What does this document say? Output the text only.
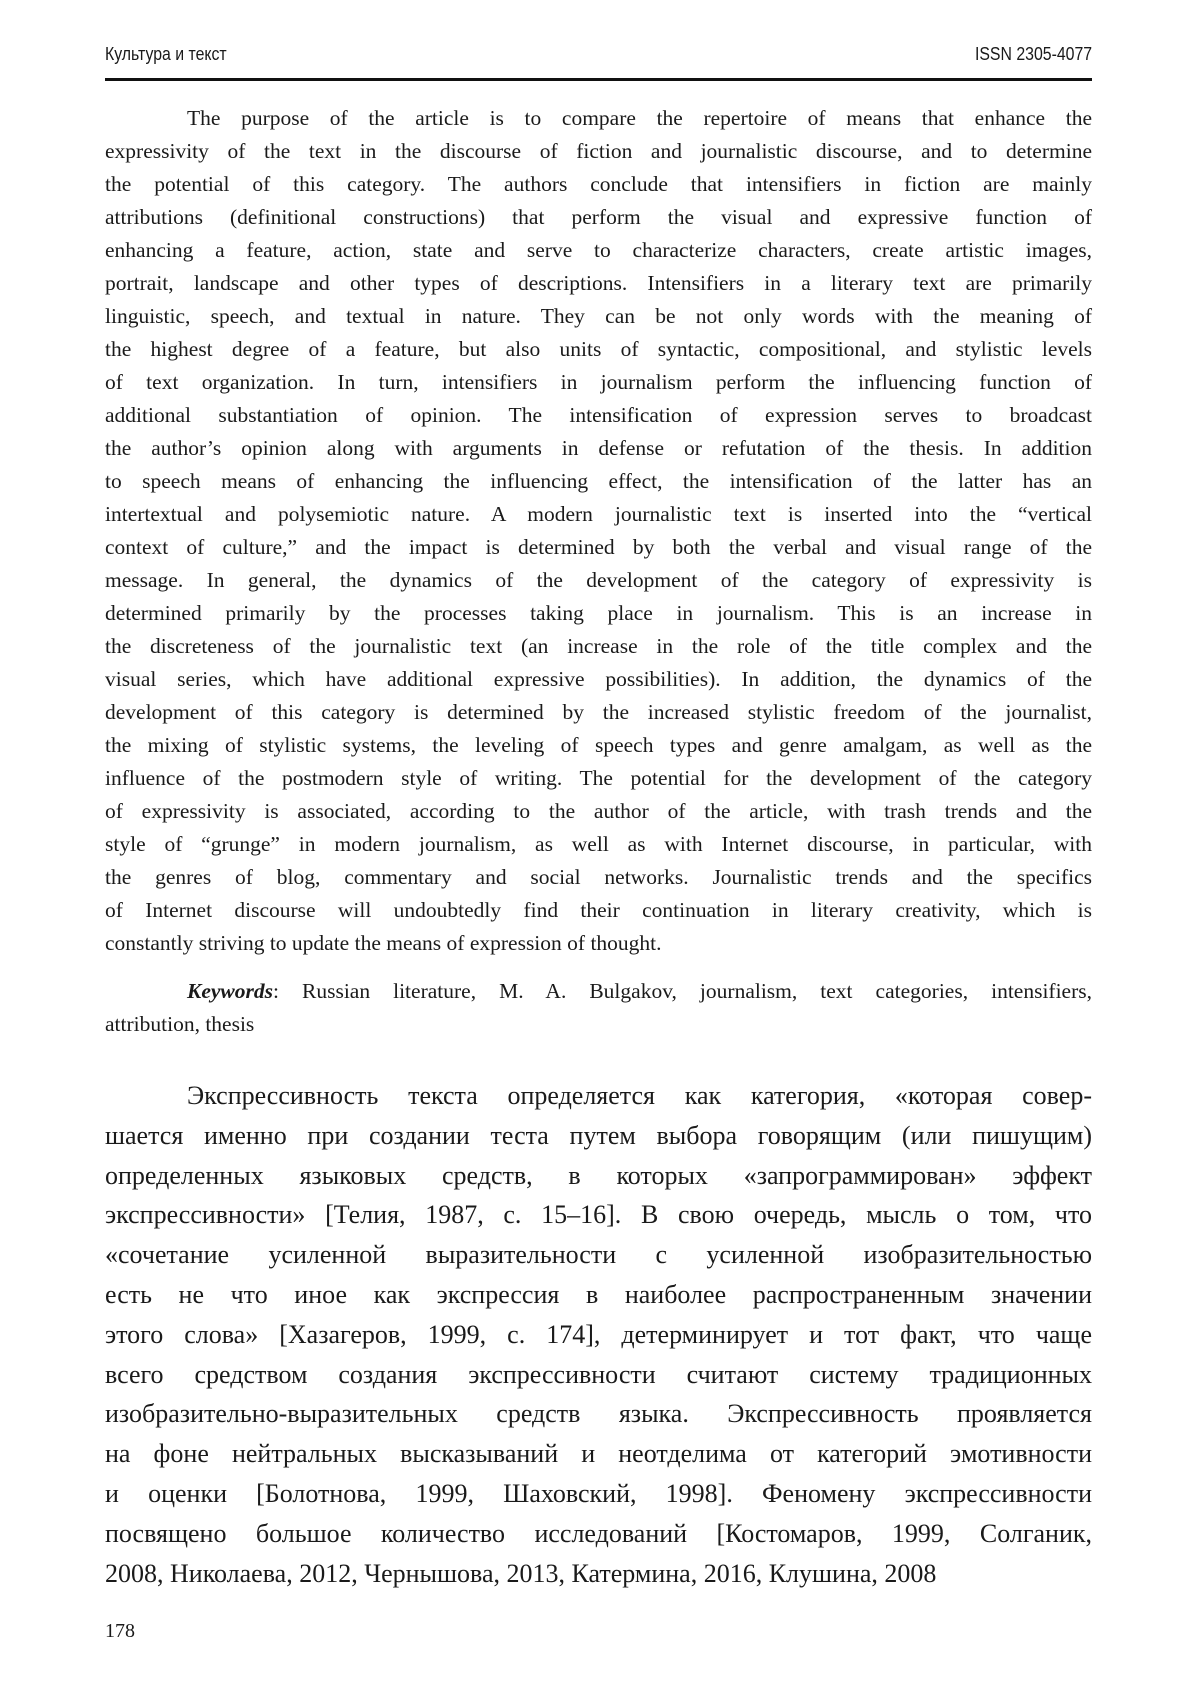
Культура и текст	ISSN 2305-4077
The purpose of the article is to compare the repertoire of means that enhance the
expressivity of the text in the discourse of fiction and journalistic discourse, and to determine
the potential of this category. The authors conclude that intensifiers in fiction are mainly
attributions (definitional constructions) that perform the visual and expressive function of
enhancing a feature, action, state and serve to characterize characters, create artistic images,
portrait, landscape and other types of descriptions. Intensifiers in a literary text are primarily
linguistic, speech, and textual in nature. They can be not only words with the meaning of
the highest degree of a feature, but also units of syntactic, compositional, and stylistic levels
of text organization. In turn, intensifiers in journalism perform the influencing function of
additional substantiation of opinion. The intensification of expression serves to broadcast
the author’s opinion along with arguments in defense or refutation of the thesis. In addition
to speech means of enhancing the influencing effect, the intensification of the latter has an
intertextual and polysemiotic nature. A modern journalistic text is inserted into the “vertical
context of culture,” and the impact is determined by both the verbal and visual range of the
message. In general, the dynamics of the development of the category of expressivity is
determined primarily by the processes taking place in journalism. This is an increase in
the discreteness of the journalistic text (an increase in the role of the title complex and the
visual series, which have additional expressive possibilities). In addition, the dynamics of the
development of this category is determined by the increased stylistic freedom of the journalist,
the mixing of stylistic systems, the leveling of speech types and genre amalgam, as well as the
influence of the postmodern style of writing. The potential for the development of the category
of expressivity is associated, according to the author of the article, with trash trends and the
style of “grunge” in modern journalism, as well as with Internet discourse, in particular, with
the genres of blog, commentary and social networks. Journalistic trends and the specifics
of Internet discourse will undoubtedly find their continuation in literary creativity, which is
constantly striving to update the means of expression of thought.
Keywords: Russian literature, M. A. Bulgakov, journalism, text categories, intensifiers,
attribution, thesis
Экспрессивность текста определяется как категория, «которая совер-
шается именно при создании теста путем выбора говорящим (или пишущим)
определенных языковых средств, в которых «запрограммирован» эффект
экспрессивности» [Телия, 1987, с. 15–16]. В свою очередь, мысль о том, что
«сочетание усиленной выразительности с усиленной изобразительностью
есть не что иное как экспрессия в наиболее распространенным значении
этого слова» [Хазагеров, 1999, с. 174], детерминирует и тот факт, что чаще
всего средством создания экспрессивности считают систему традиционных
изобразительно-выразительных средств языка. Экспрессивность проявляется
на фоне нейтральных высказываний и неотделима от категорий эмотивности
и оценки [Болотнова, 1999, Шаховский, 1998]. Феномену экспрессивности
посвящено большое количество исследований [Костомаров, 1999, Солганик,
2008, Николаева, 2012, Чернышова, 2013, Катермина, 2016, Клушина, 2008
178
